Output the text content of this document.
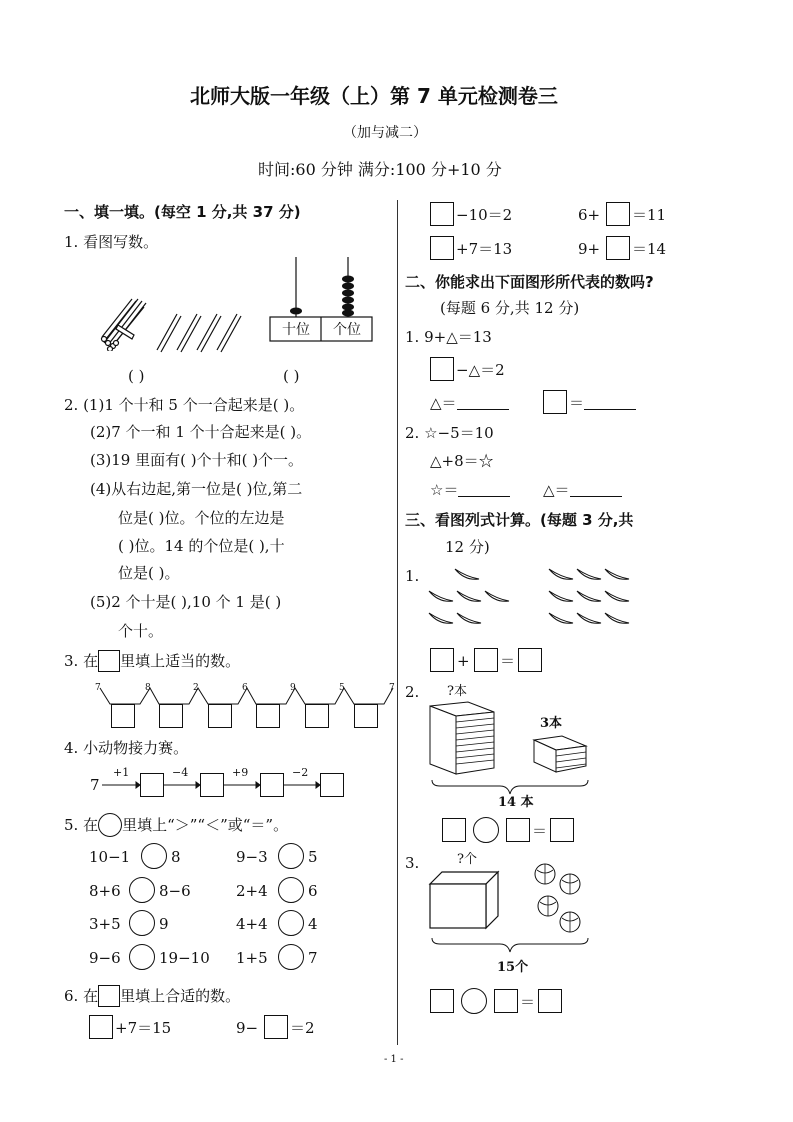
北师大版一年级（上）第 7 单元检测卷三
（加与减二）
时间:60 分钟 满分:100 分+10 分
一、填一填。(每空 1 分,共 37 分)
1. 看图写数。
十位 个位
( )	( )
2. (1)1 个十和 5 个一合起来是( )。
(2)7 个一和 1 个十合起来是( )。
(3)19 里面有( )个十和( )个一。
(4)从右边起,第一位是( )位,第二
位是( )位。个位的左边是
( )位。14 的个位是( ),十
位是( )。
(5)2 个十是( ),10 个 1 是( )
个十。
3. 在 里填上适当的数。
7	8	2	6	9	5	7
4. 小动物接力赛。
7
+1	−4	+9	−2
5. 在 里填上“＞”“＜”或“＝”。
10−1	8	9−3	5
8+6	8−6	2+4	6
3+5	9	4+4	4
9−6	19−10 1+5	7
6. 在 里填上合适的数。
+7＝15	9− ＝2
−10＝2	6+ ＝11
+7＝13	9+ ＝14
二、你能求出下面图形所代表的数吗?
(每题 6 分,共 12 分)
1. 9+△＝13
−△＝2
△＝	＝
2. ☆−5＝10
△+8＝☆
☆＝	△＝
三、看图列式计算。(每题 3 分,共
12 分)
1.
+ ＝
2. ?本
3本
14 本
＝
3.	?个
15个
＝
- 1 -
